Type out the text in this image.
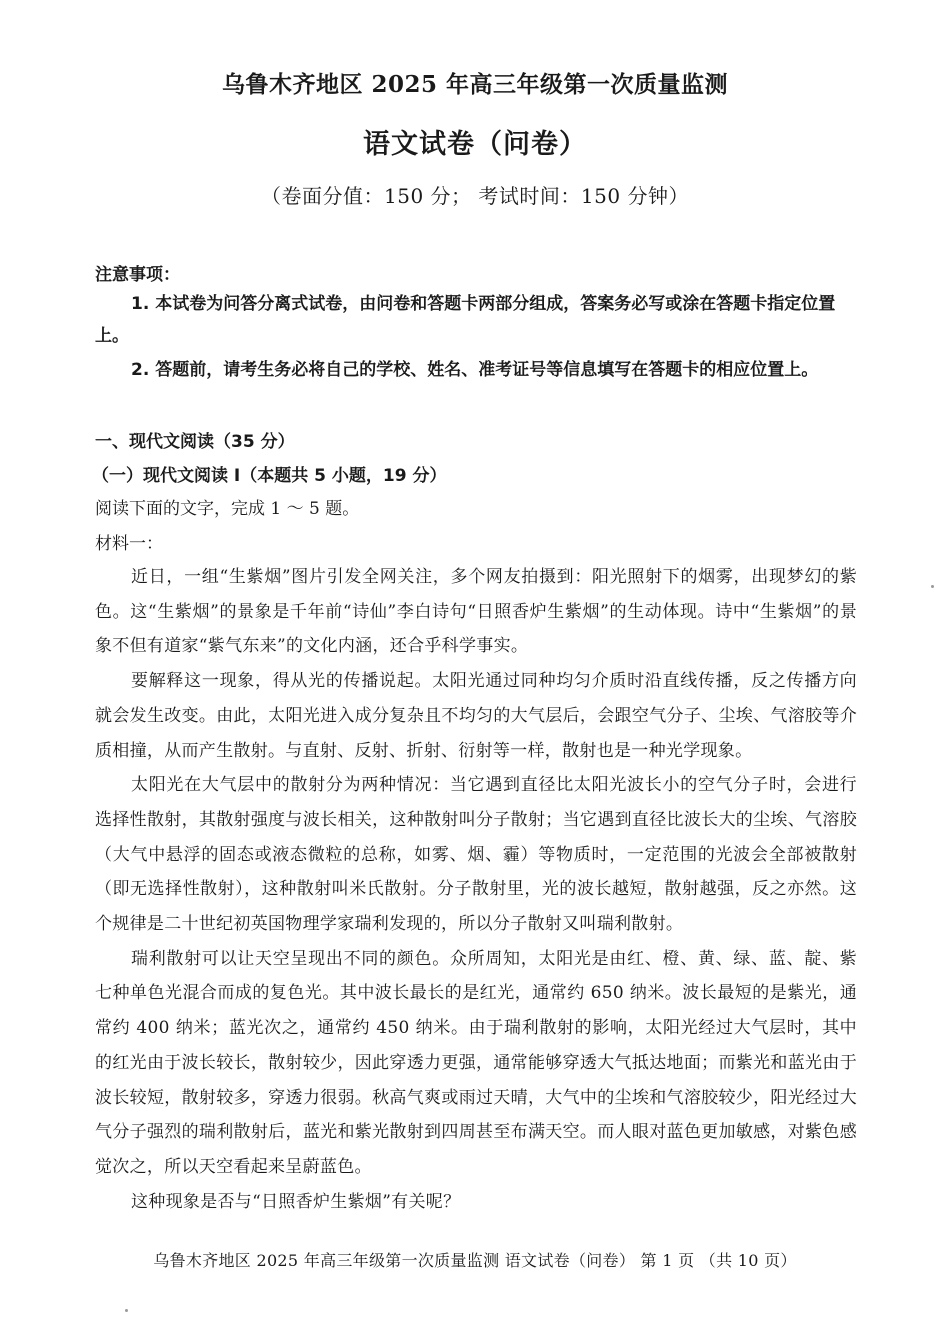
乌鲁木齐地区 2025 年高三年级第一次质量监测
语文试卷（问卷）
（卷面分值：150 分； 考试时间：150 分钟）
注意事项：
1. 本试卷为问答分离式试卷，由问卷和答题卡两部分组成，答案务必写或涂在答题卡指定位置上。
2. 答题前，请考生务必将自己的学校、姓名、准考证号等信息填写在答题卡的相应位置上。
一、现代文阅读（35 分）
（一）现代文阅读 I（本题共 5 小题，19 分）
阅读下面的文字，完成 1 ～ 5 题。
材料一：

近日，一组“生紫烟”图片引发全网关注，多个网友拍摄到：阳光照射下的烟雾，出现梦幻的紫色。这“生紫烟”的景象是千年前“诗仙”李白诗句“日照香炉生紫烟”的生动体现。诗中“生紫烟”的景象不但有道家“紫气东来”的文化内涵，还合乎科学事实。

要解释这一现象，得从光的传播说起。太阳光通过同种均匀介质时沿直线传播，反之传播方向就会发生改变。由此，太阳光进入成分复杂且不均匀的大气层后，会跟空气分子、尘埃、气溶胶等介质相撞，从而产生散射。与直射、反射、折射、衍射等一样，散射也是一种光学现象。

太阳光在大气层中的散射分为两种情况：当它遇到直径比太阳光波长小的空气分子时，会进行选择性散射，其散射强度与波长相关，这种散射叫分子散射；当它遇到直径比波长大的尘埃、气溶胶（大气中悬浮的固态或液态微粒的总称，如雾、烟、霾）等物质时，一定范围的光波会全部被散射（即无选择性散射），这种散射叫米氏散射。分子散射里，光的波长越短，散射越强，反之亦然。这个规律是二十世纪初英国物理学家瑞利发现的，所以分子散射又叫瑞利散射。

瑞利散射可以让天空呈现出不同的颜色。众所周知，太阳光是由红、橙、黄、绿、蓝、靛、紫七种单色光混合而成的复色光。其中波长最长的是红光，通常约 650 纳米。波长最短的是紫光，通常约 400 纳米；蓝光次之，通常约 450 纳米。由于瑞利散射的影响，太阳光经过大气层时，其中的红光由于波长较长，散射较少，因此穿透力更强，通常能够穿透大气抵达地面；而紫光和蓝光由于波长较短，散射较多，穿透力很弱。秋高气爽或雨过天晴，大气中的尘埃和气溶胶较少，阳光经过大气分子强烈的瑞利散射后，蓝光和紫光散射到四周甚至布满天空。而人眼对蓝色更加敏感，对紫色感觉次之，所以天空看起来呈蔚蓝色。

这种现象是否与“日照香炉生紫烟”有关呢？

乌鲁木齐地区 2025 年高三年级第一次质量监测 语文试卷（问卷） 第 1 页 （共 10 页）
